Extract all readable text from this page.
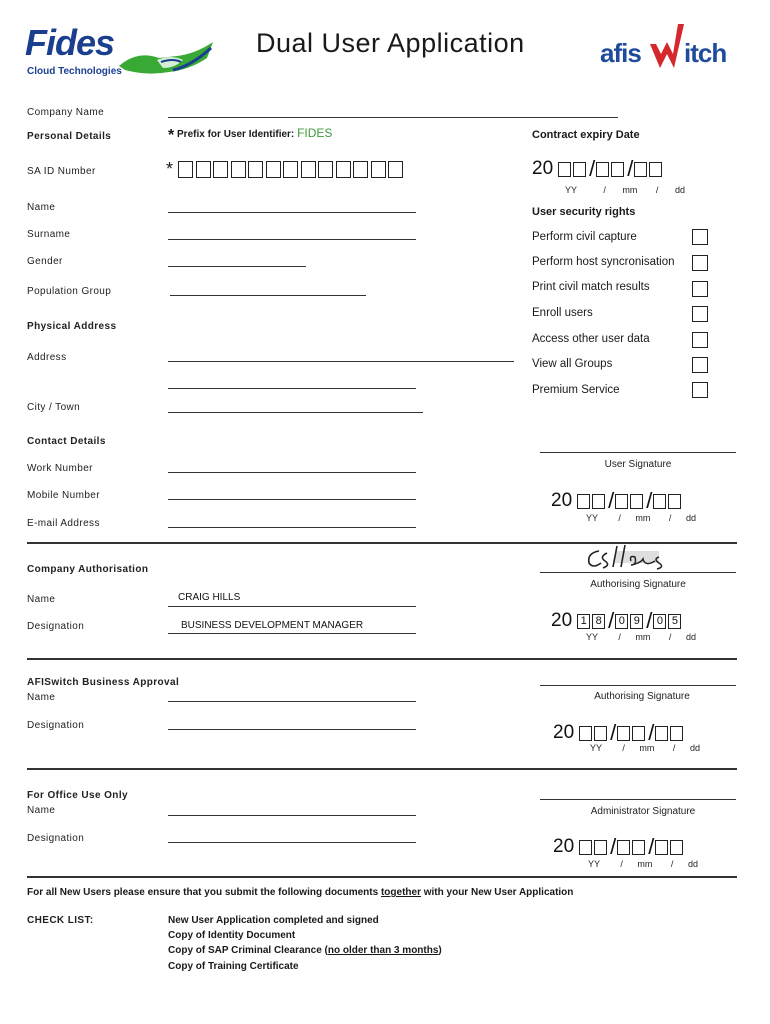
Fides
Cloud Technologies
Dual User Application	afis itch
Company Name
Personal Details	* Prefix for User Identifier: FIDES
SA ID Number	*
Name
Surname
Gender
Population Group
Physical Address
Address
City / Town
Contract expiry Date
20 / /
YY	/ mm / dd
User security rights
Perform civil capture
Perform host syncronisation
Print civil match results
Enroll users
Access other user data
View all Groups
Premium Service
Contact Details
Work Number
Mobile Number
E-mail Address
User Signature
20 / /
YY / mm / dd
Company Authorisation
Name	CRAIG HILLS
Designation	BUSINESS DEVELOPMENT MANAGER
Authorising Signature
20 1 8 / 0 9 / 0 5
YY / mm / dd
AFISwitch Business Approval
Name
Designation
Authorising Signature
20 / /
YY / mm / dd
For Office Use Only
Name
Designation
Administrator Signature
20 / /
YY / mm / dd
For all New Users please ensure that you submit the following documents together with your New User Application
CHECK LIST:	New User Application completed and signed
Copy of Identity Document
Copy of SAP Criminal Clearance (no older than 3 months)
Copy of Training Certificate
